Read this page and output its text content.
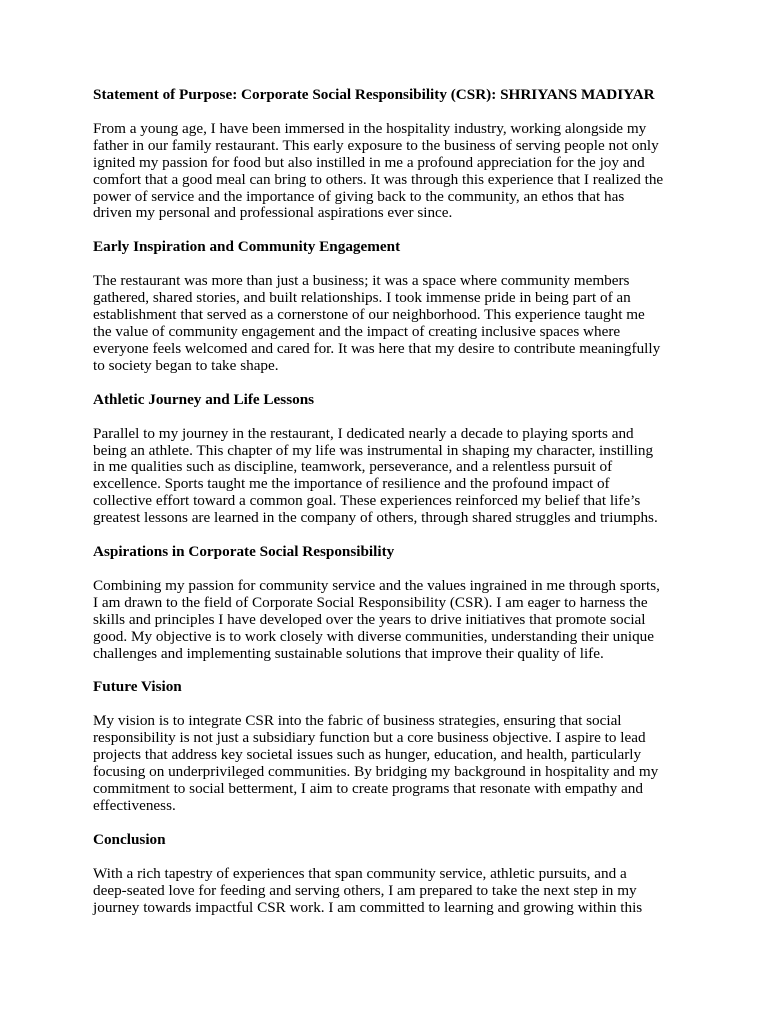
Statement of Purpose: Corporate Social Responsibility (CSR): SHRIYANS MADIYAR
From a young age, I have been immersed in the hospitality industry, working alongside my
father in our family restaurant. This early exposure to the business of serving people not only
ignited my passion for food but also instilled in me a profound appreciation for the joy and
comfort that a good meal can bring to others. It was through this experience that I realized the
power of service and the importance of giving back to the community, an ethos that has
driven my personal and professional aspirations ever since.
Early Inspiration and Community Engagement
The restaurant was more than just a business; it was a space where community members
gathered, shared stories, and built relationships. I took immense pride in being part of an
establishment that served as a cornerstone of our neighborhood. This experience taught me
the value of community engagement and the impact of creating inclusive spaces where
everyone feels welcomed and cared for. It was here that my desire to contribute meaningfully
to society began to take shape.
Athletic Journey and Life Lessons
Parallel to my journey in the restaurant, I dedicated nearly a decade to playing sports and
being an athlete. This chapter of my life was instrumental in shaping my character, instilling
in me qualities such as discipline, teamwork, perseverance, and a relentless pursuit of
excellence. Sports taught me the importance of resilience and the profound impact of
collective effort toward a common goal. These experiences reinforced my belief that life’s
greatest lessons are learned in the company of others, through shared struggles and triumphs.
Aspirations in Corporate Social Responsibility
Combining my passion for community service and the values ingrained in me through sports,
I am drawn to the field of Corporate Social Responsibility (CSR). I am eager to harness the
skills and principles I have developed over the years to drive initiatives that promote social
good. My objective is to work closely with diverse communities, understanding their unique
challenges and implementing sustainable solutions that improve their quality of life.
Future Vision
My vision is to integrate CSR into the fabric of business strategies, ensuring that social
responsibility is not just a subsidiary function but a core business objective. I aspire to lead
projects that address key societal issues such as hunger, education, and health, particularly
focusing on underprivileged communities. By bridging my background in hospitality and my
commitment to social betterment, I aim to create programs that resonate with empathy and
effectiveness.
Conclusion
With a rich tapestry of experiences that span community service, athletic pursuits, and a
deep-seated love for feeding and serving others, I am prepared to take the next step in my
journey towards impactful CSR work. I am committed to learning and growing within this
